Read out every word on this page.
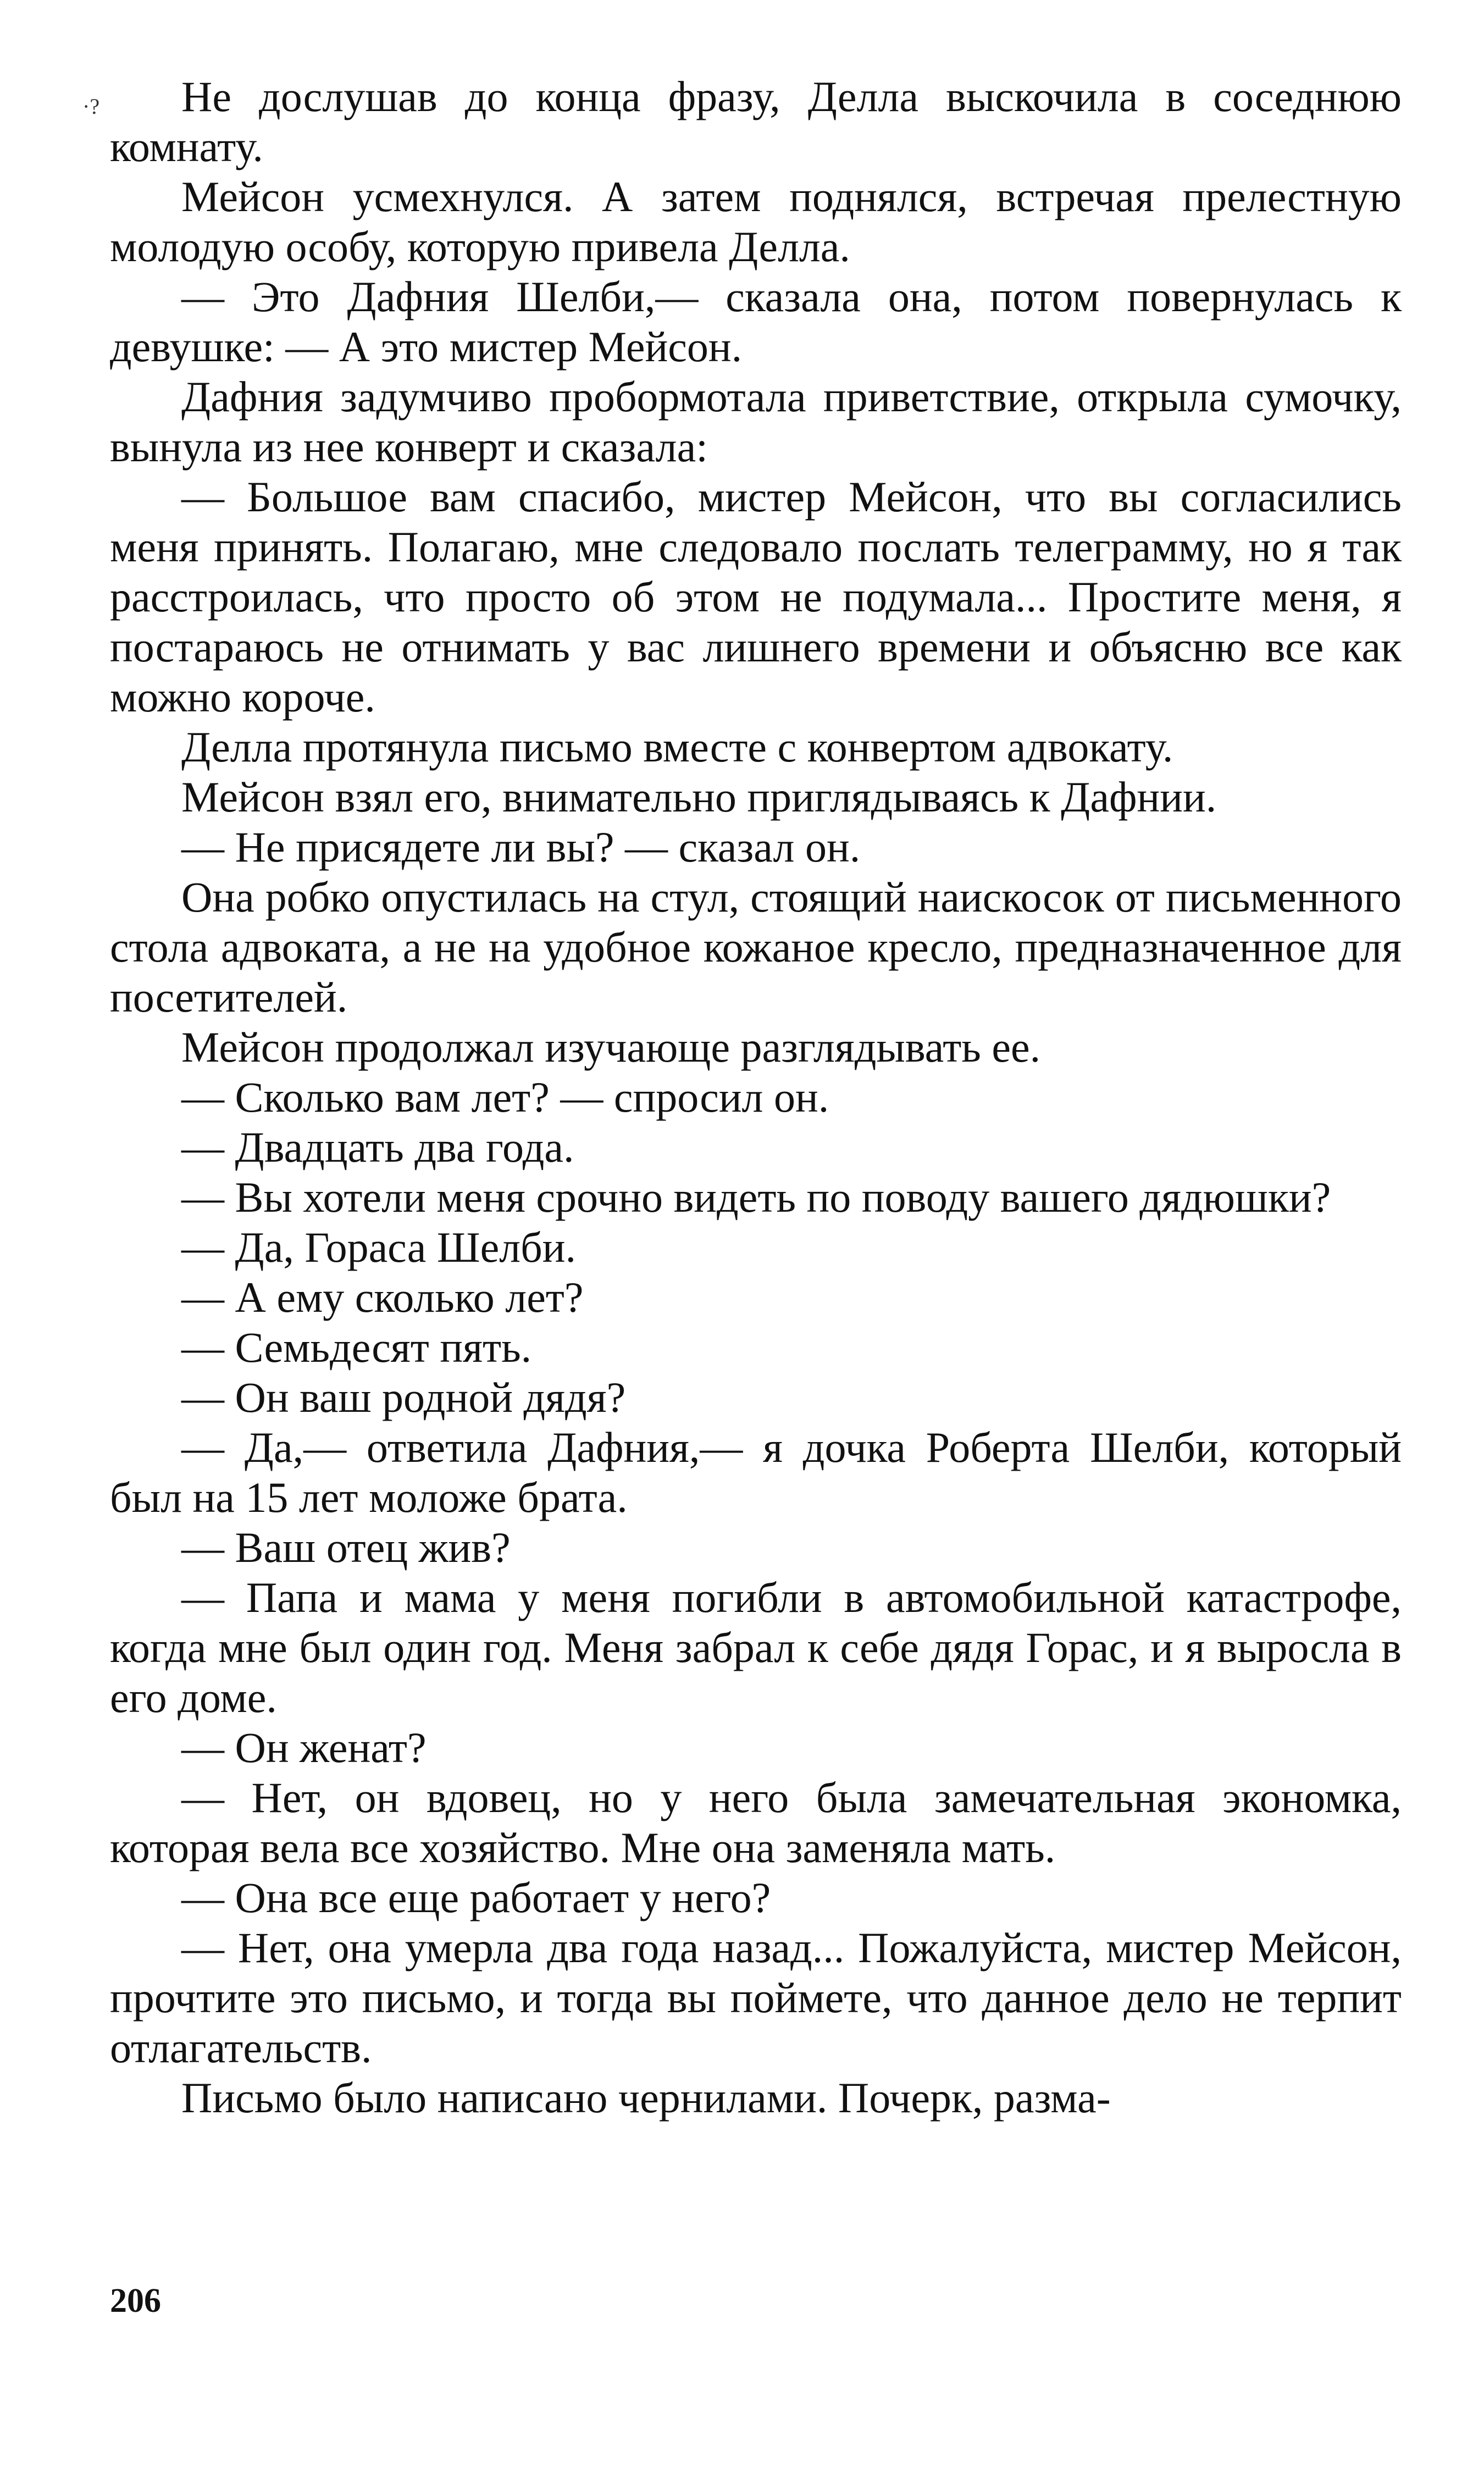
·?	Не дослушав до конца фразу, Делла выскочила в соседнюю комнату.

Мейсон усмехнулся. А затем поднялся, встречая прелестную молодую особу, которую привела Делла.

— Это Дафния Шелби,— сказала она, потом повернулась к девушке: — А это мистер Мейсон.

Дафния задумчиво пробормотала приветствие, открыла сумочку, вынула из нее конверт и сказала:

— Большое вам спасибо, мистер Мейсон, что вы согласились меня принять. Полагаю, мне следовало послать телеграмму, но я так расстроилась, что просто об этом не подумала... Простите меня, я постараюсь не отнимать у вас лишнего времени и объясню все как можно короче.

Делла протянула письмо вместе с конвертом адвокату.

Мейсон взял его, внимательно приглядываясь к Дафнии.

— Не присядете ли вы? — сказал он.

Она робко опустилась на стул, стоящий наискосок от письменного стола адвоката, а не на удобное кожаное кресло, предназначенное для посетителей.

Мейсон продолжал изучающе разглядывать ее.

— Сколько вам лет? — спросил он.

— Двадцать два года.

— Вы хотели меня срочно видеть по поводу вашего дядюшки?

— Да, Гораса Шелби.

— А ему сколько лет?

— Семьдесят пять.

— Он ваш родной дядя?

— Да,— ответила Дафния,— я дочка Роберта Шелби, который был на 15 лет моложе брата.

— Ваш отец жив?

— Папа и мама у меня погибли в автомобильной катастрофе, когда мне был один год. Меня забрал к себе дядя Горас, и я выросла в его доме.

— Он женат?

— Нет, он вдовец, но у него была замечательная экономка, которая вела все хозяйство. Мне она заменяла мать.

— Она все еще работает у него?

— Нет, она умерла два года назад... Пожалуйста, мистер Мейсон, прочтите это письмо, и тогда вы поймете, что данное дело не терпит отлагательств.

Письмо было написано чернилами. Почерк, разма-

206
